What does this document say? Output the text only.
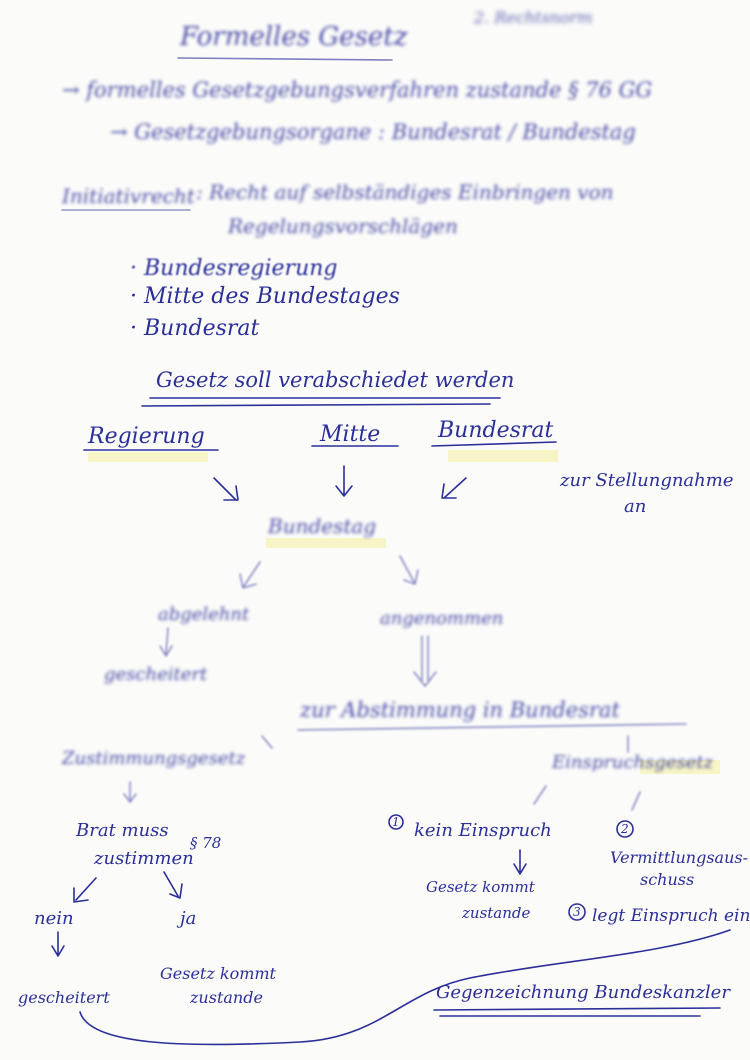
Formelles Gesetz
2. Rechtsnorm
→ formelles Gesetzgebungsverfahren zustande § 76 GG
→ Gesetzgebungsorgane : Bundesrat / Bundestag
Initiativrecht : Recht auf selbständiges Einbringen von
Regelungsvorschlägen
· Bundesregierung
· Mitte des Bundestages
· Bundesrat
Gesetz soll verabschiedet werden
Regierung	Mitte	Bundesrat
zur Stellungnahme
an
Bundestag
abgelehnt
gescheitert
angenommen
zur Abstimmung in Bundesrat
Zustimmungsgesetz	Einspruchsgesetz
Brat muss
zustimmen
§ 78
nein	ja
gescheitert
Gesetz kommt
zustande
1 kein Einspruch
Gesetz kommt
zustande
2
Vermittlungsaus-
schuss
3 legt Einspruch ein
Gegenzeichnung Bundeskanzler
